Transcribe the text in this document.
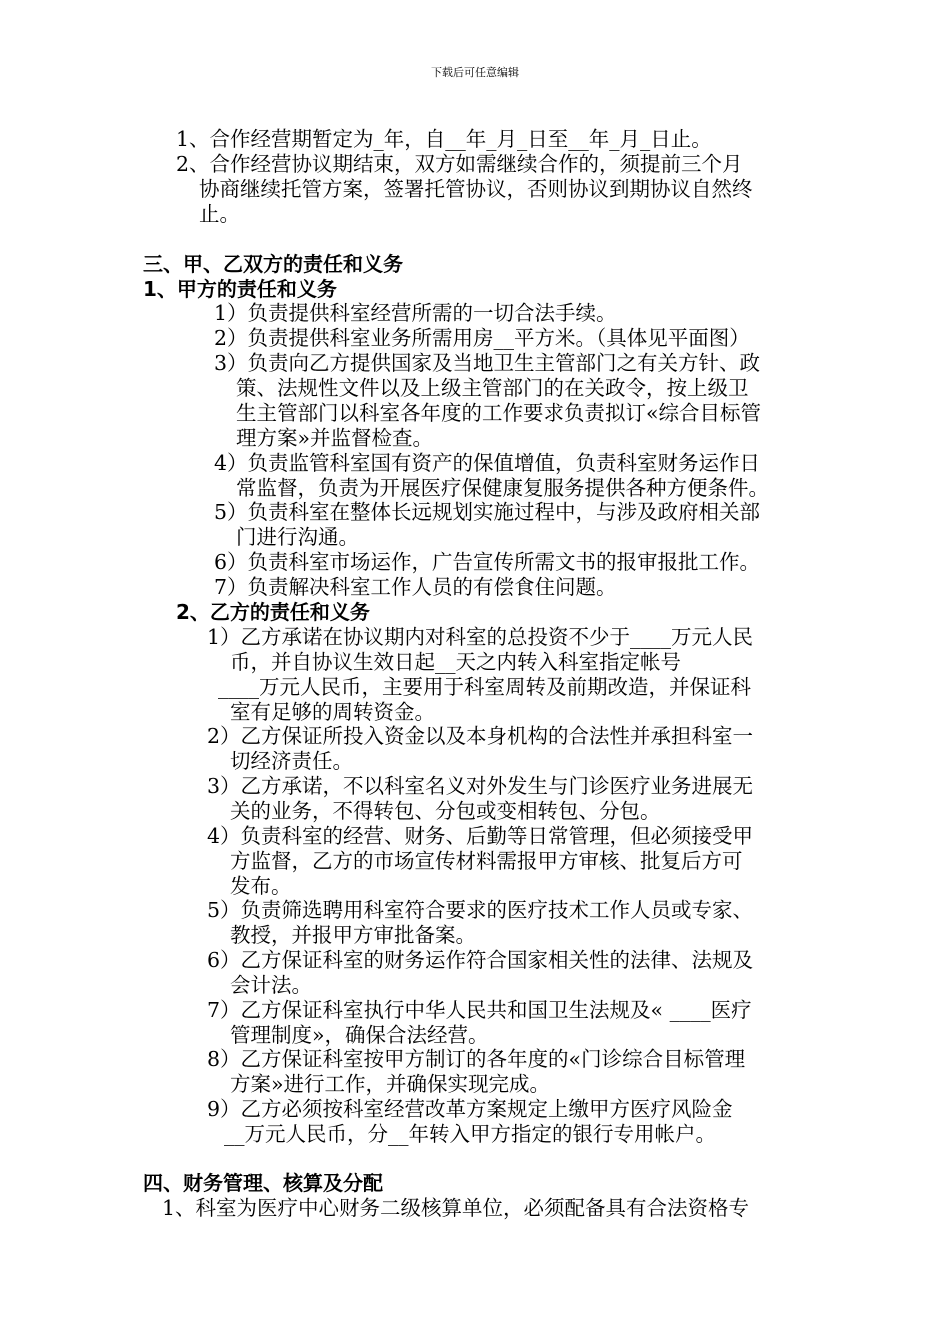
下载后可任意编辑
1、合作经营期暂定为_年，自__年_月_日至__年_月_日止。
2、合作经营协议期结束，双方如需继续合作的，须提前三个月
协商继续托管方案，签署托管协议，否则协议到期协议自然终
止。
三、甲、乙双方的责任和义务
1、甲方的责任和义务
1）负责提供科室经营所需的一切合法手续。
2）负责提供科室业务所需用房__平方米。（具体见平面图）
3）负责向乙方提供国家及当地卫生主管部门之有关方针、政
策、法规性文件以及上级主管部门的在关政令，按上级卫
生主管部门以科室各年度的工作要求负责拟订«综合目标管
理方案»并监督检查。
4）负责监管科室国有资产的保值增值，负责科室财务运作日
常监督，负责为开展医疗保健康复服务提供各种方便条件。
5）负责科室在整体长远规划实施过程中，与涉及政府相关部
门进行沟通。
6）负责科室市场运作，广告宣传所需文书的报审报批工作。
7）负责解决科室工作人员的有偿食住问题。
2、乙方的责任和义务
1）乙方承诺在协议期内对科室的总投资不少于____万元人民
币，并自协议生效日起__天之内转入科室指定帐号
____万元人民币，主要用于科室周转及前期改造，并保证科
室有足够的周转资金。
2）乙方保证所投入资金以及本身机构的合法性并承担科室一
切经济责任。
3）乙方承诺，不以科室名义对外发生与门诊医疗业务进展无
关的业务，不得转包、分包或变相转包、分包。
4）负责科室的经营、财务、后勤等日常管理，但必须接受甲
方监督，乙方的市场宣传材料需报甲方审核、批复后方可
发布。
5）负责筛选聘用科室符合要求的医疗技术工作人员或专家、
教授，并报甲方审批备案。
6）乙方保证科室的财务运作符合国家相关性的法律、法规及
会计法。
7）乙方保证科室执行中华人民共和国卫生法规及« ____医疗
管理制度»，确保合法经营。
8）乙方保证科室按甲方制订的各年度的«门诊综合目标管理
方案»进行工作，并确保实现完成。
9）乙方必须按科室经营改革方案规定上缴甲方医疗风险金
__万元人民币，分__年转入甲方指定的银行专用帐户。
四、财务管理、核算及分配
1、科室为医疗中心财务二级核算单位，必须配备具有合法资格专
